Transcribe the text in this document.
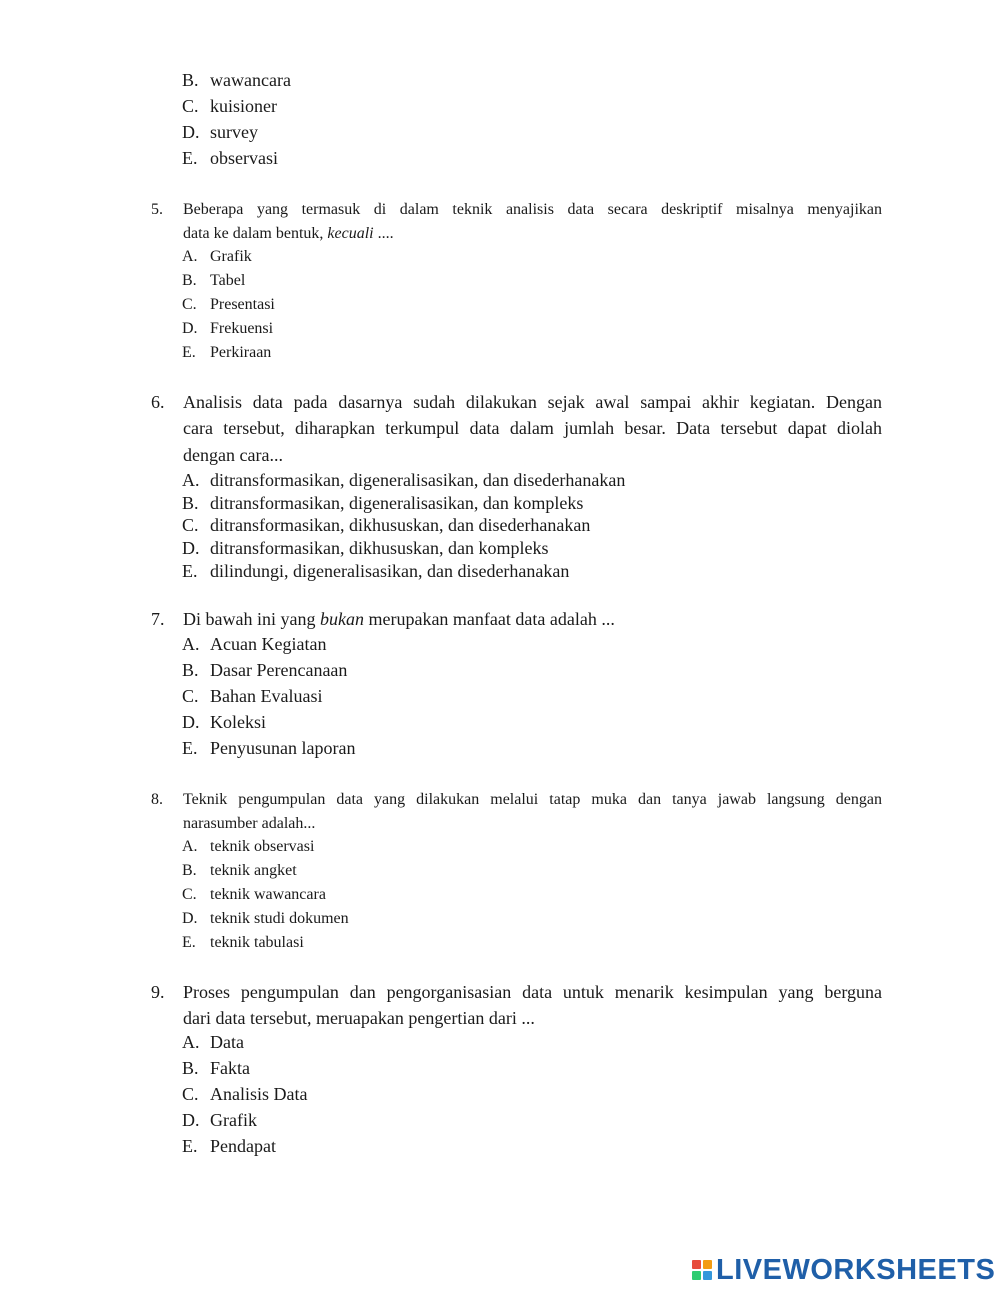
B. wawancara
C. kuisioner
D. survey
E. observasi
5. Beberapa yang termasuk di dalam teknik analisis data secara deskriptif misalnya menyajikan
data ke dalam bentuk, kecuali ....
A. Grafik
B. Tabel
C. Presentasi
D. Frekuensi
E. Perkiraan
6. Analisis data pada dasarnya sudah dilakukan sejak awal sampai akhir kegiatan. Dengan
cara tersebut, diharapkan terkumpul data dalam jumlah besar. Data tersebut dapat diolah
dengan cara...
A. ditransformasikan, digeneralisasikan, dan disederhanakan
B. ditransformasikan, digeneralisasikan, dan kompleks
C. ditransformasikan, dikhususkan, dan disederhanakan
D. ditransformasikan, dikhususkan, dan kompleks
E. dilindungi, digeneralisasikan, dan disederhanakan
7. Di bawah ini yang bukan merupakan manfaat data adalah ...
A. Acuan Kegiatan
B. Dasar Perencanaan
C. Bahan Evaluasi
D. Koleksi
E. Penyusunan laporan
8. Teknik pengumpulan data yang dilakukan melalui tatap muka dan tanya jawab langsung dengan
narasumber adalah...
A. teknik observasi
B. teknik angket
C. teknik wawancara
D. teknik studi dokumen
E. teknik tabulasi
9. Proses pengumpulan dan pengorganisasian data untuk menarik kesimpulan yang berguna
dari data tersebut, meruapakan pengertian dari ...
A. Data
B. Fakta
C. Analisis Data
D. Grafik
E. Pendapat
LIVEWORKSHEETS
